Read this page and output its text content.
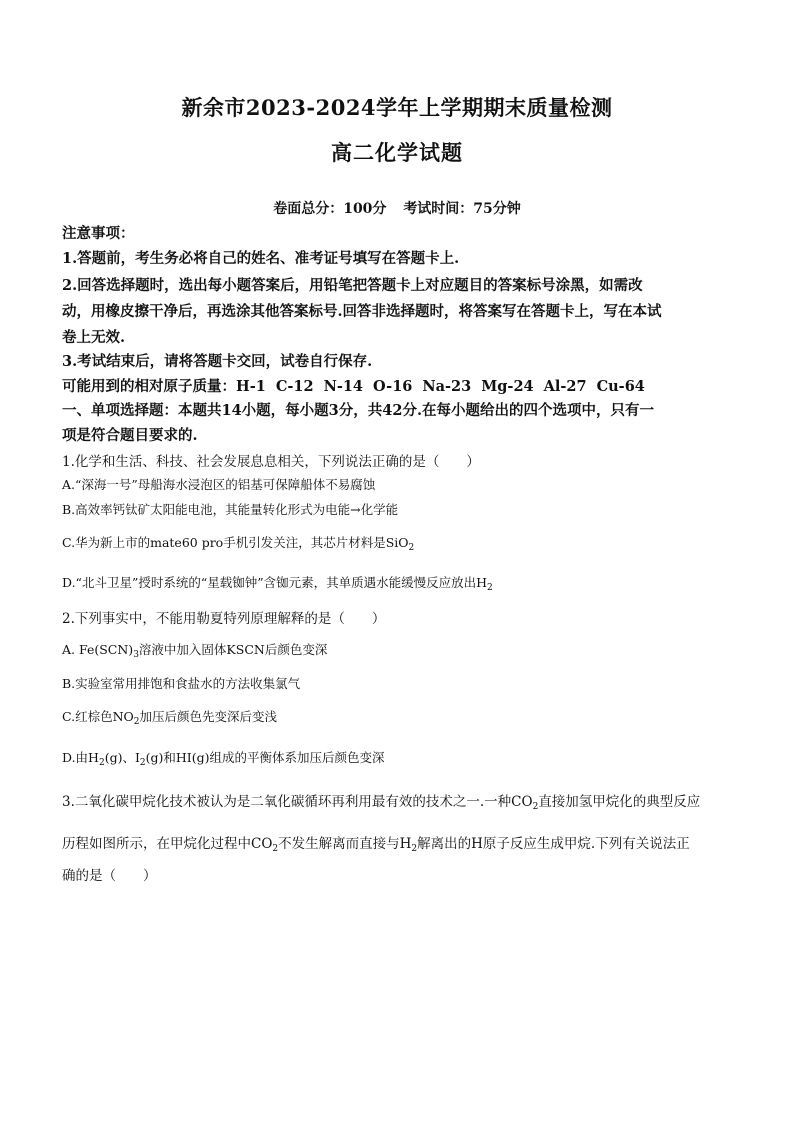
新余市2023-2024学年上学期期末质量检测
高二化学试题
卷面总分：100分 考试时间：75分钟
注意事项：
1.答题前，考生务必将自己的姓名、准考证号填写在答题卡上.
2.回答选择题时，选出每小题答案后，用铅笔把答题卡上对应题目的答案标号涂黑，如需改
动，用橡皮擦干净后，再选涂其他答案标号.回答非选择题时，将答案写在答题卡上，写在本试
卷上无效.
3.考试结束后，请将答题卡交回，试卷自行保存.
可能用到的相对原子质量：H-1 C-12 N-14 O-16 Na-23 Mg-24 Al-27 Cu-64
一、单项选择题：本题共14小题，每小题3分，共42分.在每小题给出的四个选项中，只有一
项是符合题目要求的.
1.化学和生活、科技、社会发展息息相关，下列说法正确的是（　　）
A.“深海一号”母船海水浸泡区的铝基可保障船体不易腐蚀
B.高效率钙钛矿太阳能电池，其能量转化形式为电能→化学能
C.华为新上市的mate60 pro手机引发关注，其芯片材料是SiO$_2$
D.“北斗卫星”授时系统的“星载铷钟”含铷元素，其单质遇水能缓慢反应放出$H_2$
2.下列事实中，不能用勒夏特列原理解释的是（　　）
A. $Fe(SCN)_3$溶液中加入固体KSCN后颜色变深
B.实验室常用排饱和食盐水的方法收集氯气
C.红棕色$NO_2$加压后颜色先变深后变浅
D.由$H_2(g)$、$I_2(g)$和HI(g)组成的平衡体系加压后颜色变深
3.二氧化碳甲烷化技术被认为是二氧化碳循环再利用最有效的技术之一.一种$CO_2$直接加氢甲烷化的典型反应
历程如图所示，在甲烷化过程中$CO_2$不发生解离而直接与$H_2$解离出的H原子反应生成甲烷.下列有关说法正
确的是（　　）
